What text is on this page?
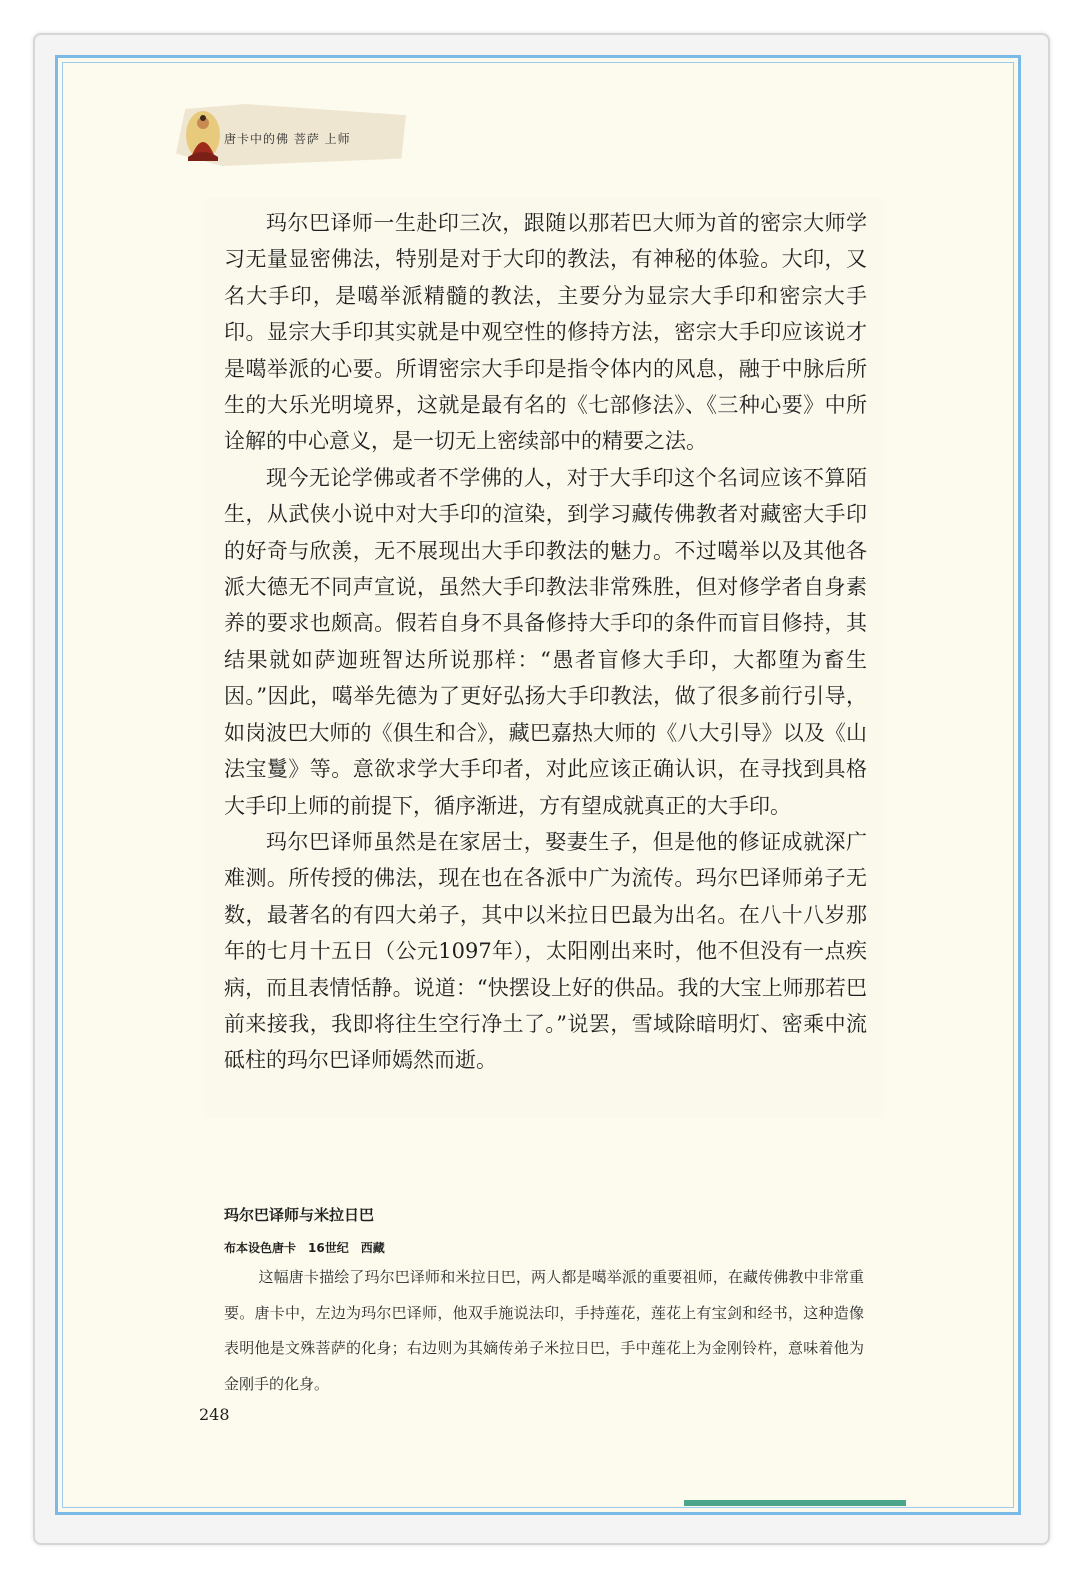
唐卡中的佛 菩萨 上师

玛尔巴译师一生赴印三次，跟随以那若巴大师为首的密宗大师学习无量显密佛法，特别是对于大印的教法，有神秘的体验。大印，又名大手印，是噶举派精髓的教法，主要分为显宗大手印和密宗大手印。显宗大手印其实就是中观空性的修持方法，密宗大手印应该说才是噶举派的心要。所谓密宗大手印是指令体内的风息，融于中脉后所生的大乐光明境界，这就是最有名的《七部修法》、《三种心要》中所诠解的中心意义，是一切无上密续部中的精要之法。

现今无论学佛或者不学佛的人，对于大手印这个名词应该不算陌生，从武侠小说中对大手印的渲染，到学习藏传佛教者对藏密大手印的好奇与欣羡，无不展现出大手印教法的魅力。不过噶举以及其他各派大德无不同声宣说，虽然大手印教法非常殊胜，但对修学者自身素养的要求也颇高。假若自身不具备修持大手印的条件而盲目修持，其结果就如萨迦班智达所说那样：“愚者盲修大手印，大都堕为畜生因。”因此，噶举先德为了更好弘扬大手印教法，做了很多前行引导，如岗波巴大师的《俱生和合》，藏巴嘉热大师的《八大引导》以及《山法宝鬘》等。意欲求学大手印者，对此应该正确认识，在寻找到具格大手印上师的前提下，循序渐进，方有望成就真正的大手印。

玛尔巴译师虽然是在家居士，娶妻生子，但是他的修证成就深广难测。所传授的佛法，现在也在各派中广为流传。玛尔巴译师弟子无数，最著名的有四大弟子，其中以米拉日巴最为出名。在八十八岁那年的七月十五日（公元1097年），太阳刚出来时，他不但没有一点疾病，而且表情恬静。说道：“快摆设上好的供品。我的大宝上师那若巴前来接我，我即将往生空行净土了。”说罢，雪域除暗明灯、密乘中流砥柱的玛尔巴译师嫣然而逝。

玛尔巴译师与米拉日巴
布本设色唐卡　16世纪　西藏

这幅唐卡描绘了玛尔巴译师和米拉日巴，两人都是噶举派的重要祖师，在藏传佛教中非常重要。唐卡中，左边为玛尔巴译师，他双手施说法印，手持莲花，莲花上有宝剑和经书，这种造像表明他是文殊菩萨的化身；右边则为其嫡传弟子米拉日巴，手中莲花上为金刚铃杵，意味着他为金刚手的化身。

248
